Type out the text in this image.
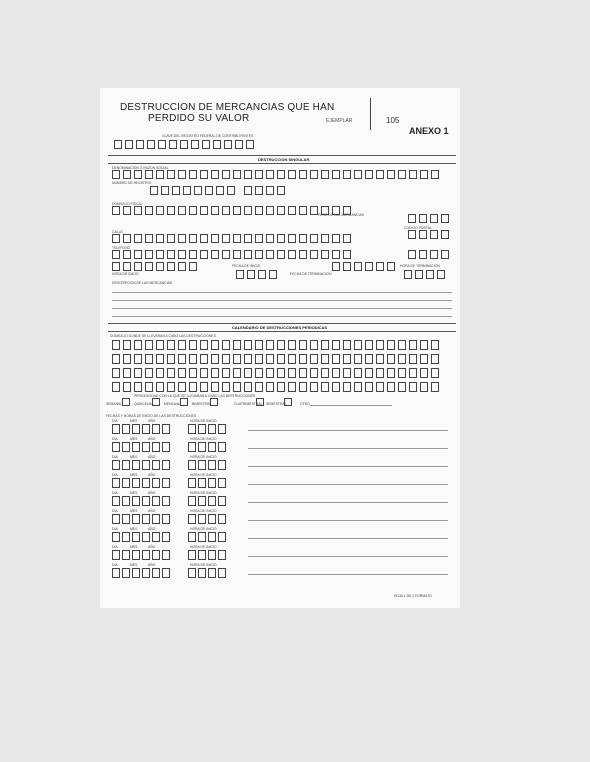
DESTRUCCION DE MERCANCIAS QUE HAN
PERDIDO SU VALOR	EJEMPLAR	105
ANEXO 1
CLAVE DEL REGISTRO FEDERAL DE CONTRIBUYENTES
DESTRUCCION SINGULAR
DENOMINACION O RAZON SOCIAL
NUMERO DE REGISTRO
DOMICILIO FISCAL
PESO DE LAS MERCANCIAS
CALLE
CODIGO POSTAL
TELEFONO
FECHA DE INICIO
HORA DE INICIO	FECHA DE TERMINACION
HORA DE TERMINACION
DESCRIPCION DE LAS MERCANCIAS
CALENDARIO DE DESTRUCCIONES PERIODICAS
DOMICILIO DONDE SE LLEVARAN A CABO LAS DESTRUCCIONES
PERIODICIDAD CON LA QUE SE LLEVARAN A CABO LAS DESTRUCCIONES
SEMANAL	QUINCENAL	MENSUAL	BIMESTRAL	CUATRIMESTRAL SEMESTRAL	OTRO
FECHAS Y HORAS DE INICIO DE LAS DESTRUCCIONES
DIA	MES	AÑO	HORA DE INICIO
DIA	MES	AÑO	HORA DE INICIO
DIA	MES	AÑO	HORA DE INICIO
DIA	MES	AÑO	HORA DE INICIO
DIA	MES	AÑO	HORA DE INICIO
DIA	MES	AÑO	HORA DE INICIO
DIA	MES	AÑO	HORA DE INICIO
DIA	MES	AÑO	HORA DE INICIO
DIA	MES	AÑO	HORA DE INICIO
HOJA 1 DE 2 FORMATO
